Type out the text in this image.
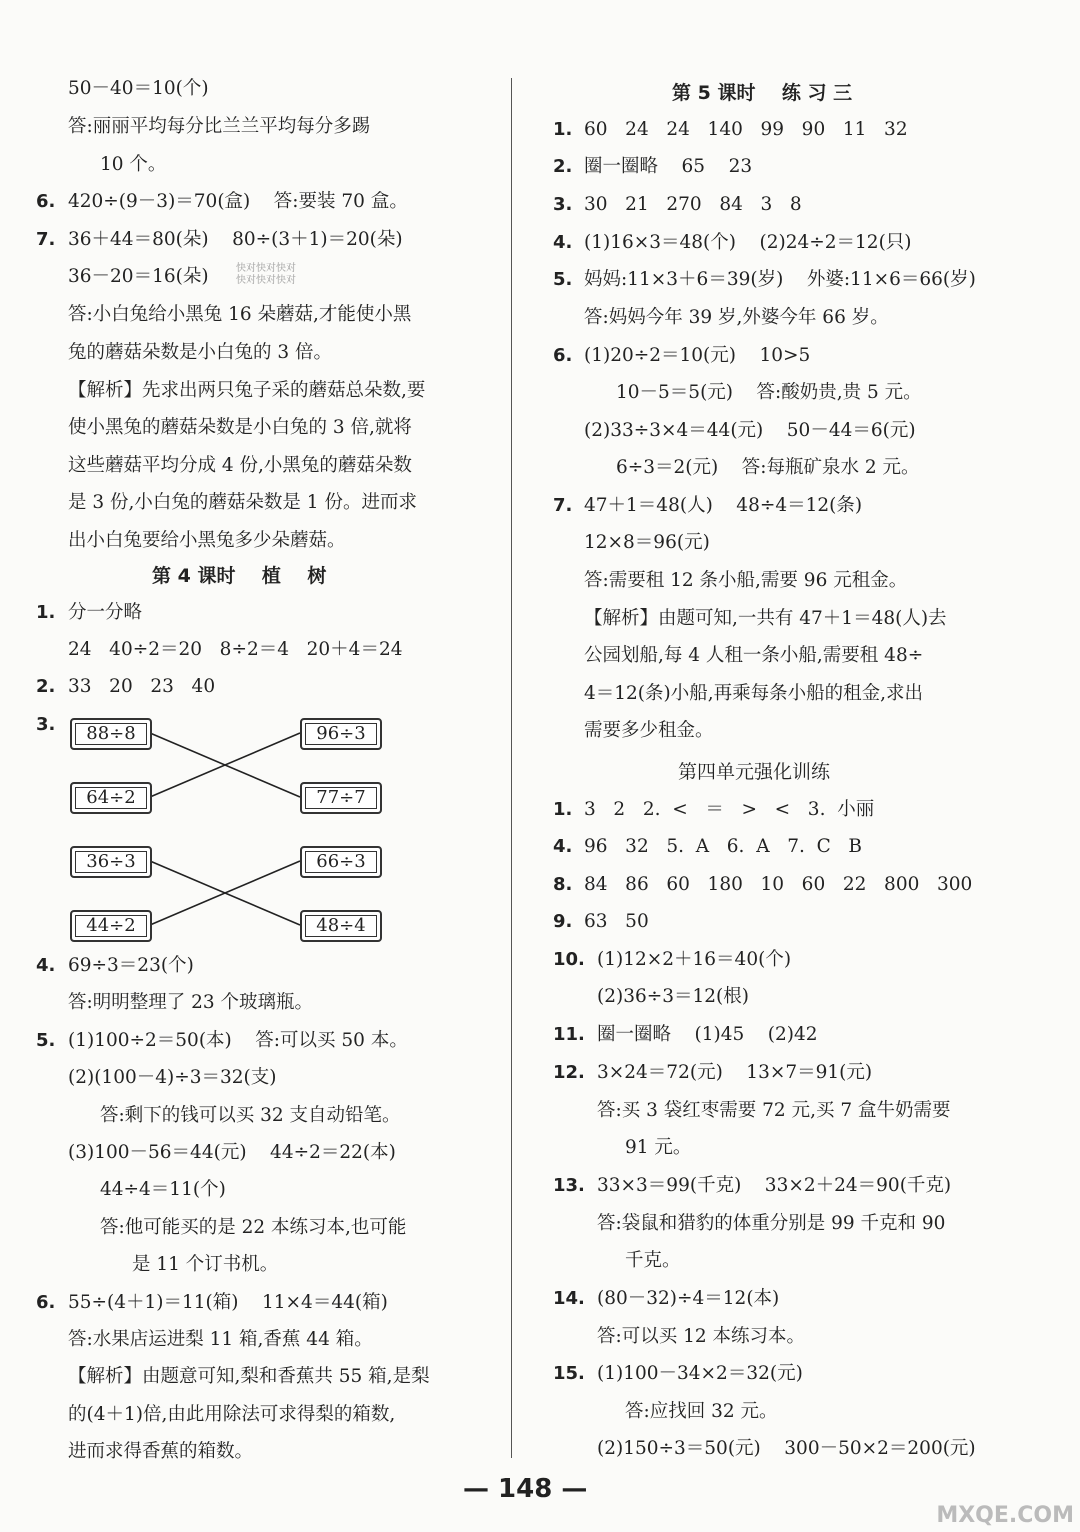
50－40＝10(个)
答:丽丽平均每分比兰兰平均每分多踢
10 个。
6. 420÷(9－3)＝70(盒)    答:要装 70 盒。
7. 36＋44＝80(朵)    80÷(3＋1)＝20(朵)
36－20＝16(朵)	快对快对快对
快对快对快对
答:小白兔给小黑兔 16 朵蘑菇,才能使小黑
兔的蘑菇朵数是小白兔的 3 倍。
【解析】先求出两只兔子采的蘑菇总朵数,要
使小黑兔的蘑菇朵数是小白兔的 3 倍,就将
这些蘑菇平均分成 4 份,小黑兔的蘑菇朵数
是 3 份,小白兔的蘑菇朵数是 1 份。进而求
出小白兔要给小黑兔多少朵蘑菇。
第 4 课时    植    树
1. 分一分略
24   40÷2＝20   8÷2＝4   20＋4＝24
2. 33   20   23   40
3.	88÷8	96÷3
64÷2	77÷7
36÷3	66÷3
44÷2	48÷4
4. 69÷3＝23(个)
答:明明整理了 23 个玻璃瓶。
5. (1)100÷2＝50(本)    答:可以买 50 本。
(2)(100－4)÷3＝32(支)
答:剩下的钱可以买 32 支自动铅笔。
(3)100－56＝44(元)    44÷2＝22(本)
44÷4＝11(个)
答:他可能买的是 22 本练习本,也可能
是 11 个订书机。
6. 55÷(4＋1)＝11(箱)    11×4＝44(箱)
答:水果店运进梨 11 箱,香蕉 44 箱。
【解析】由题意可知,梨和香蕉共 55 箱,是梨
的(4＋1)倍,由此用除法可求得梨的箱数,
进而求得香蕉的箱数。
第 5 课时    练 习 三
1. 60   24   24   140   99   90   11   32
2. 圈一圈略    65    23
3. 30   21   270   84   3   8
4. (1)16×3＝48(个)    (2)24÷2＝12(只)
5. 妈妈:11×3＋6＝39(岁)    外婆:11×6＝66(岁)
答:妈妈今年 39 岁,外婆今年 66 岁。
6. (1)20÷2＝10(元)    10>5
10－5＝5(元)    答:酸奶贵,贵 5 元。
(2)33÷3×4＝44(元)    50－44＝6(元)
6÷3＝2(元)    答:每瓶矿泉水 2 元。
7. 47＋1＝48(人)    48÷4＝12(条)
12×8＝96(元)
答:需要租 12 条小船,需要 96 元租金。
【解析】由题可知,一共有 47＋1＝48(人)去
公园划船,每 4 人租一条小船,需要租 48÷
4＝12(条)小船,再乘每条小船的租金,求出
需要多少租金。
第四单元强化训练
1. 3   2   2.  <   ＝   >   <   3.  小丽
4. 96   32   5.  A   6.  A   7.  C   B
8. 84   86   60   180   10   60   22   800   300
9. 63   50
10. (1)12×2＋16＝40(个)
(2)36÷3＝12(根)
11. 圈一圈略    (1)45    (2)42
12. 3×24＝72(元)    13×7＝91(元)
答:买 3 袋红枣需要 72 元,买 7 盒牛奶需要
91 元。
13. 33×3＝99(千克)    33×2＋24＝90(千克)
答:袋鼠和猎豹的体重分别是 99 千克和 90
千克。
14. (80－32)÷4＝12(本)
答:可以买 12 本练习本。
15. (1)100－34×2＝32(元)
答:应找回 32 元。
(2)150÷3＝50(元)    300－50×2＝200(元)
— 148 —
MXQE.COM
